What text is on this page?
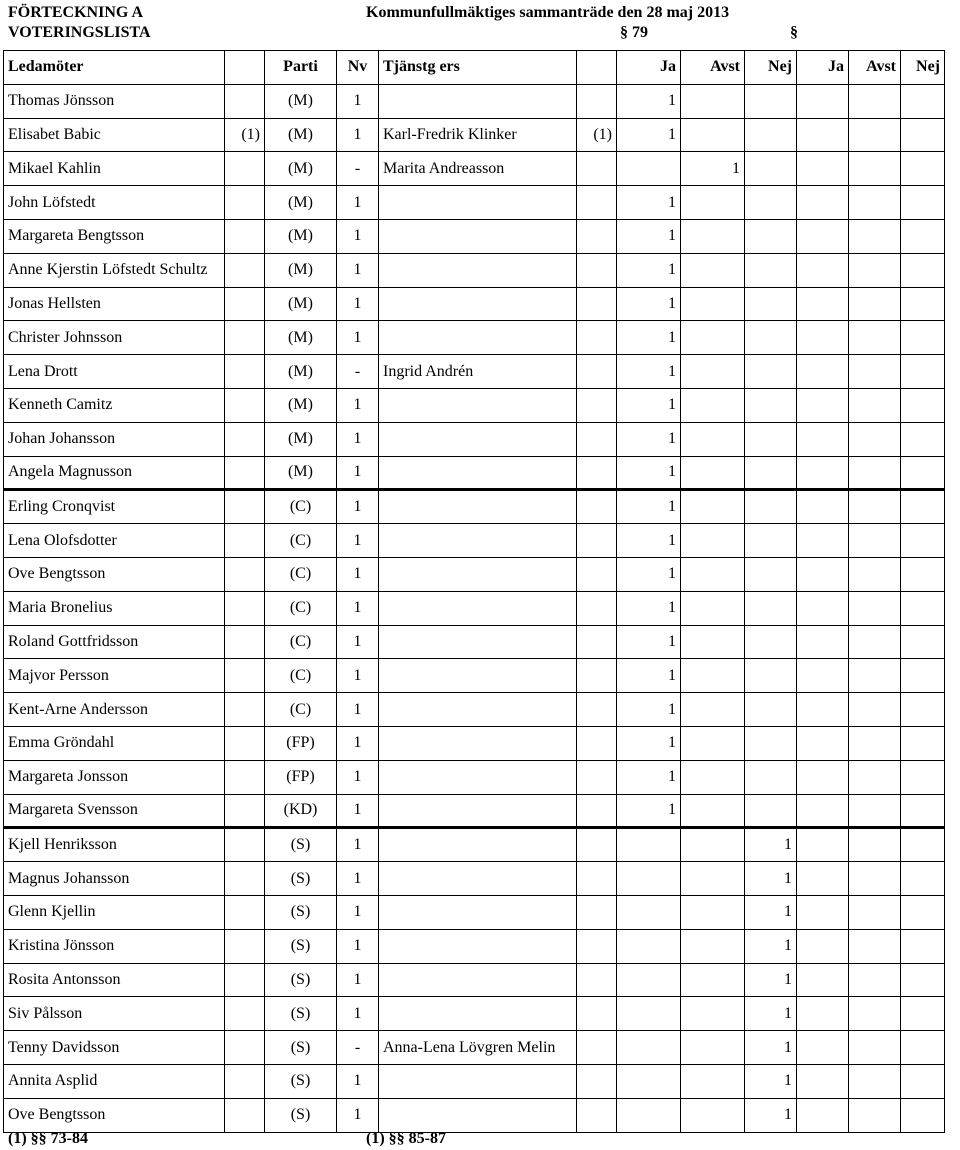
FÖRTECKNING A	Kommunfullmäktiges sammanträde den 28 maj 2013
VOTERINGSLISTA	§ 79	§
Ledamöter		Parti	Nv	Tjänstg ers		Ja	Avst	Nej	Ja	Avst	Nej
Thomas Jönsson		(M)	1			1					
Elisabet Babic	(1)	(M)	1	Karl-Fredrik Klinker	(1)	1					
Mikael Kahlin		(M)	-	Marita Andreasson			1				
John Löfstedt		(M)	1			1					
Margareta Bengtsson		(M)	1			1					
Anne Kjerstin Löfstedt Schultz		(M)	1			1					
Jonas Hellsten		(M)	1			1					
Christer Johnsson		(M)	1			1					
Lena Drott		(M)	-	Ingrid Andrén		1					
Kenneth Camitz		(M)	1			1					
Johan Johansson		(M)	1			1					
Angela Magnusson		(M)	1			1					
Erling Cronqvist		(C)	1			1					
Lena Olofsdotter		(C)	1			1					
Ove Bengtsson		(C)	1			1					
Maria Bronelius		(C)	1			1					
Roland Gottfridsson		(C)	1			1					
Majvor Persson		(C)	1			1					
Kent-Arne Andersson		(C)	1			1					
Emma Gröndahl		(FP)	1			1					
Margareta Jonsson		(FP)	1			1					
Margareta Svensson		(KD)	1			1					
Kjell Henriksson		(S)	1					1			
Magnus Johansson		(S)	1					1			
Glenn Kjellin		(S)	1					1			
Kristina Jönsson		(S)	1					1			
Rosita Antonsson		(S)	1					1			
Siv Pålsson		(S)	1					1			
Tenny Davidsson		(S)	-	Anna-Lena Lövgren Melin				1			
Annita Asplid		(S)	1					1			
Ove Bengtsson		(S)	1					1			
(1) §§ 73-84	(1) §§ 85-87
